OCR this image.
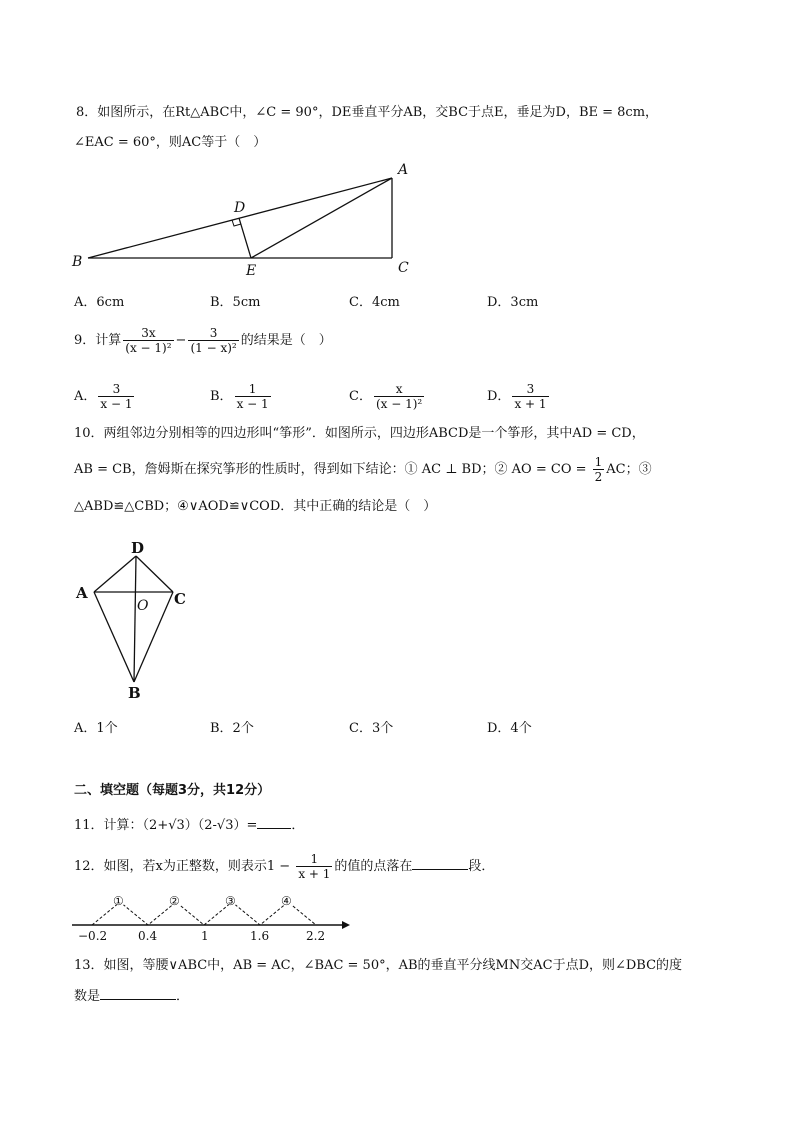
8．如图所示，在Rt△ABC中，∠C = 90°，DE垂直平分AB，交BC于点E，垂足为D，BE = 8cm，
∠EAC = 60°，则AC等于（　）
A
B	C
D
E
A．6cm	B．5cm	C．4cm	D．3cm
9．计算 $\frac{3x}{\text{(x − 1)²}} - \frac{3}{\text{(1 − x)²}}$ 的结果是（　）
A． $\frac{3}{x - 1}$	B． $\frac{1}{x - 1}$	C． $\frac{x}{\text{(x − 1)²}}$	D． $\frac{3}{x + 1}$
10．两组邻边分别相等的四边形叫“筝形”．如图所示，四边形ABCD是一个筝形，其中AD = CD，
AB = CB，詹姆斯在探究筝形的性质时，得到如下结论：① AC ⊥ BD；② AO = CO = $\frac{1}{2}$ AC；③
△ABD≌△CBD；④∨AOD≌∨COD．其中正确的结论是（　）
D
A	C
B
O
A．1个	B．2个	C．3个	D．4个
二、填空题（每题3分，共12分）
11．计算：（2+√3）（2-√3）=	．
12．如图，若x为正整数，则表示$1 - \frac{1}{x + 1}$ 的值的点落在	段．
①	②	③	④
−0.2	0.4	1	1.6	2.2
13．如图，等腰∨ABC中，AB = AC，∠BAC = 50°，AB的垂直平分线MN交AC于点D，则∠DBC的度
数是	．
